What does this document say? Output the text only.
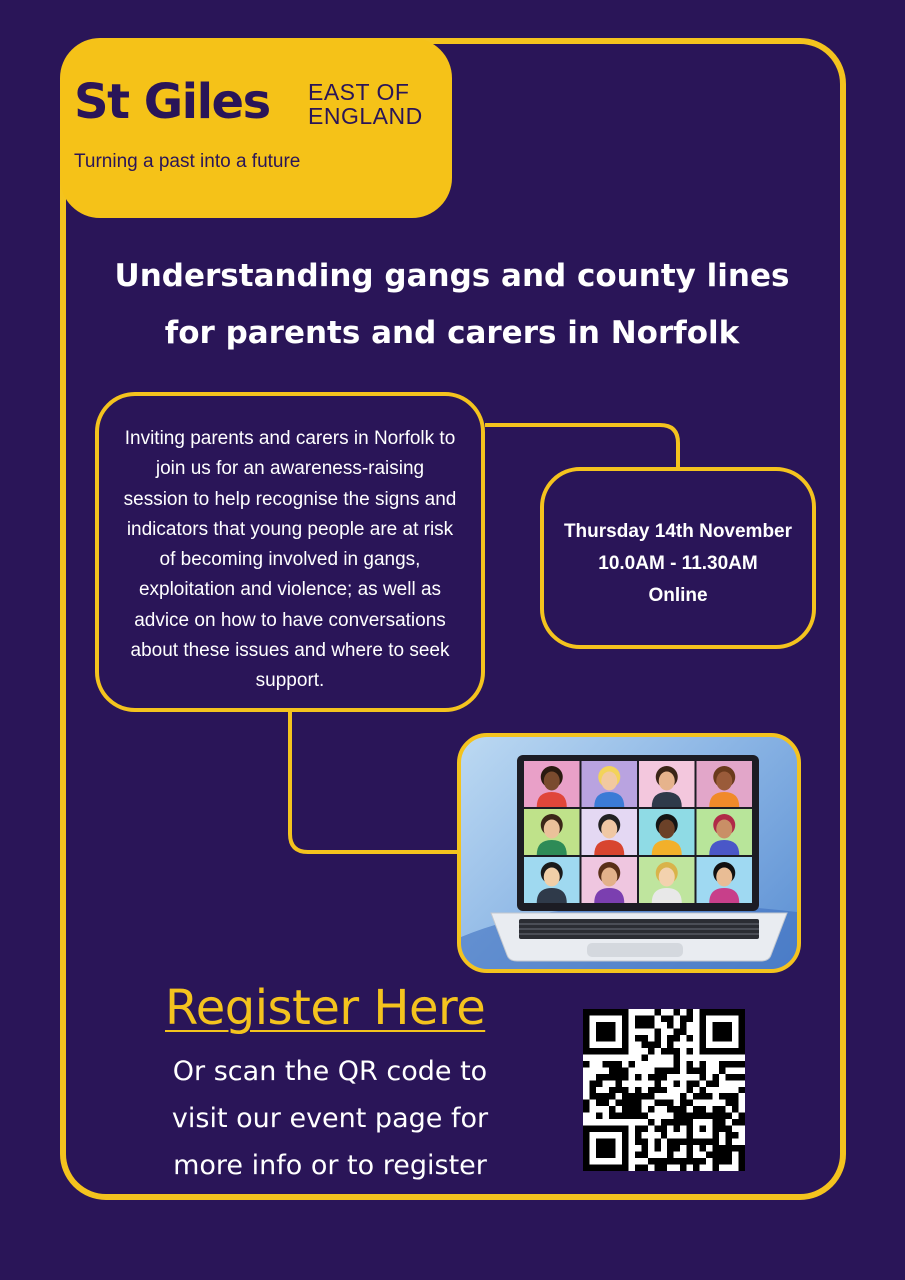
St Giles EAST OF
ENGLAND
Turning a past into a future
Understanding gangs and county lines
for parents and carers in Norfolk
Inviting parents and carers in Norfolk to
join us for an awareness-raising
session to help recognise the signs and
indicators that young people are at risk
of becoming involved in gangs,
exploitation and violence; as well as
advice on how to have conversations
about these issues and where to seek
support.
Thursday 14th November
10.0AM - 11.30AM
Online
Register Here
Or scan the QR code to
visit our event page for
more info or to register
